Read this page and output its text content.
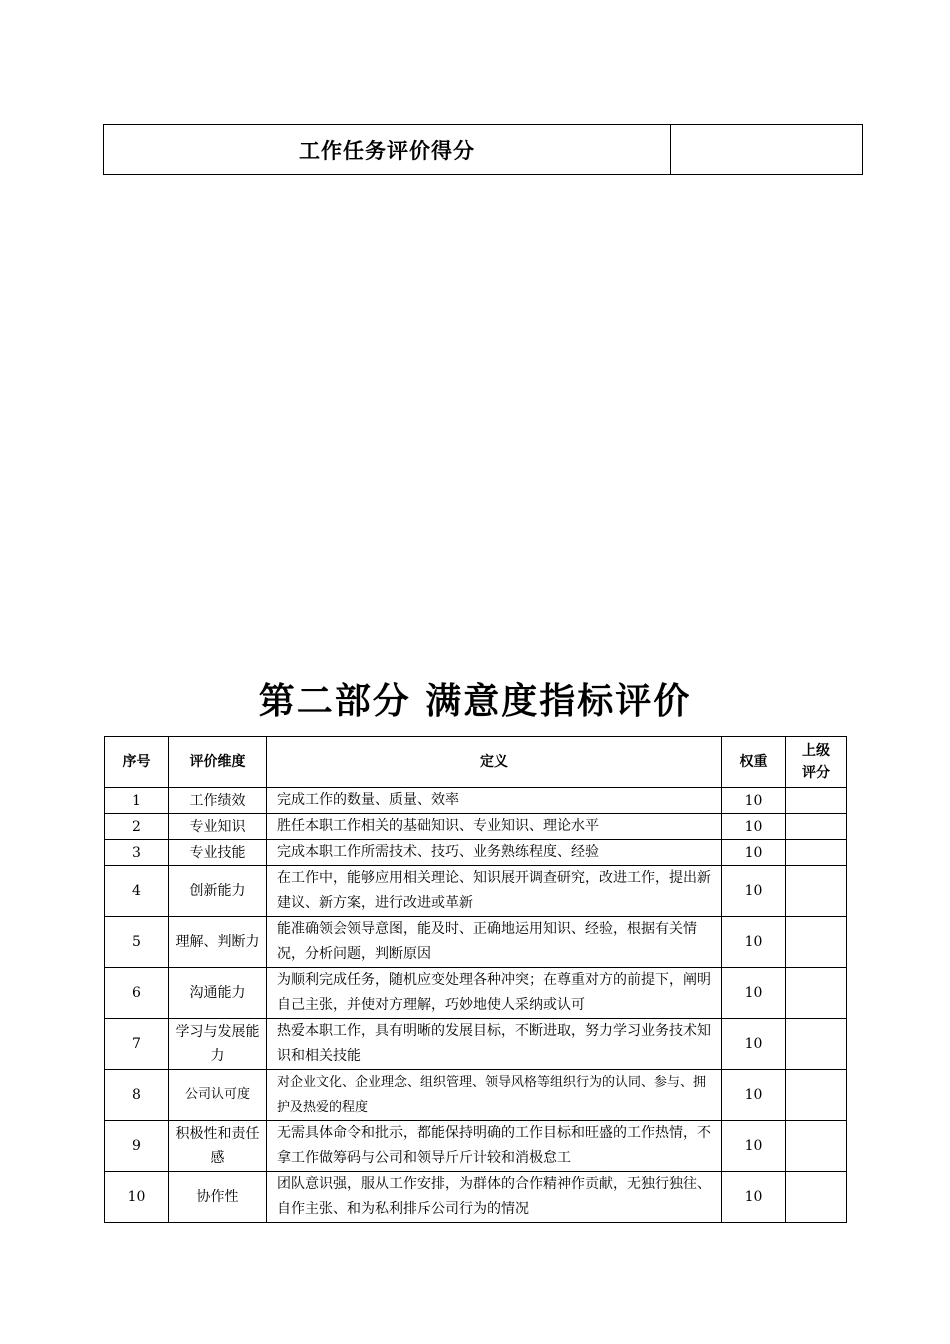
工作任务评价得分	
第二部分 满意度指标评价
序号	评价维度	定义	权重	上级评分
1	工作绩效	完成工作的数量、质量、效率	10	
2	专业知识	胜任本职工作相关的基础知识、专业知识、理论水平	10	
3	专业技能	完成本职工作所需技术、技巧、业务熟练程度、经验	10	
4	创新能力	在工作中，能够应用相关理论、知识展开调查研究，改进工作，提出新建议、新方案，进行改进或革新	10	
5	理解、判断力	能准确领会领导意图，能及时、正确地运用知识、经验，根据有关情况，分析问题，判断原因	10	
6	沟通能力	为顺利完成任务，随机应变处理各种冲突；在尊重对方的前提下，阐明自己主张，并使对方理解，巧妙地使人采纳或认可	10	
7	学习与发展能力	热爱本职工作，具有明晰的发展目标，不断进取，努力学习业务技术知识和相关技能	10	
8	公司认可度	对企业文化、企业理念、组织管理、领导风格等组织行为的认同、参与、拥护及热爱的程度	10	
9	积极性和责任感	无需具体命令和批示，都能保持明确的工作目标和旺盛的工作热情，不拿工作做筹码与公司和领导斤斤计较和消极怠工	10	
10	协作性	团队意识强，服从工作安排，为群体的合作精神作贡献，无独行独往、自作主张、和为私利排斥公司行为的情况	10	
